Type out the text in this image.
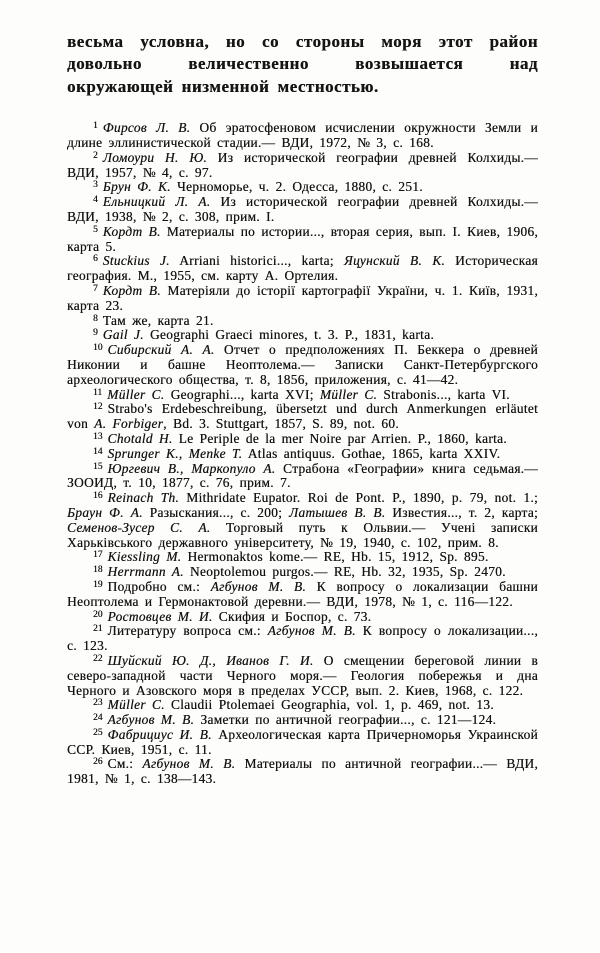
весьма условна, но со стороны моря этот район довольно величественно возвышается над окружающей низменной местностью.

$^1$ Фирсов Л. В. Об эратосфеновом исчислении окружности Земли и длине эллинистической стадии.— ВДИ, 1972, № 3, с. 168.

$^2$ Ломоури Н. Ю. Из исторической географии древней Колхиды.— ВДИ, 1957, № 4, с. 97.

$^3$ Брун Ф. К. Черноморье, ч. 2. Одесса, 1880, с. 251.

$^4$ Ельницкий Л. А. Из исторической географии древней Колхиды.— ВДИ, 1938, № 2, с. 308, прим. I.

$^5$ Кордт В. Материалы по истории..., вторая серия, вып. I. Киев, 1906, карта 5.

$^6$ Stuckius J. Arriani historici..., karta; Яцунский В. К. Историческая география. М., 1955, см. карту А. Ортелия.

$^7$ Кордт В. Матеріяли до історії картографії України, ч. 1. Київ, 1931, карта 23.

$^8$ Там же, карта 21.

$^9$ Gail J. Geographi Graeci minores, t. 3. P., 1831, karta.

$^{10}$ Сибирский А. А. Отчет о предположениях П. Беккера о древней Никонии и башне Неоптолема.— Записки Санкт-Петербургского археологического общества, т. 8, 1856, приложения, с. 41—42.

$^{11}$ Müller C. Geographi..., karta XVI; Müller C. Strabonis..., karta VI.

$^{12}$ Strabo's Erdebeschreibung, übersetzt und durch Anmerkungen erläutet von A. Forbiger, Bd. 3. Stuttgart, 1857, S. 89, not. 60.

$^{13}$ Chotald H. Le Periple de la mer Noire par Arrien. P., 1860, karta.

$^{14}$ Sprunger K., Menke T. Atlas antiquus. Gothae, 1865, karta XXIV.

$^{15}$ Юргевич В., Маркопуло А. Страбона «Географии» книга седьмая.— ЗООИД, т. 10, 1877, с. 76, прим. 7.

$^{16}$ Reinach Th. Mithridate Eupator. Roi de Pont. P., 1890, p. 79, not. 1.; Браун Ф. А. Разыскания..., с. 200; Латышев В. В. Известия..., т. 2, карта; Семенов-Зусер С. А. Торговый путь к Ольвии.— Учені записки Харьківського державного університету, № 19, 1940, с. 102, прим. 8.

$^{17}$ Kiessling M. Hermonaktos kome.— RE, Hb. 15, 1912, Sp. 895.

$^{18}$ Herrmann A. Neoptolemou purgos.— RE, Hb. 32, 1935, Sp. 2470.

$^{19}$ Подробно см.: Агбунов М. В. К вопросу о локализации башни Неоптолема и Гермонактовой деревни.— ВДИ, 1978, № 1, с. 116—122.

$^{20}$ Ростовцев М. И. Скифия и Боспор, с. 73.

$^{21}$ Литературу вопроса см.: Агбунов М. В. К вопросу о локализации..., с. 123.

$^{22}$ Шуйский Ю. Д., Иванов Г. И. О смещении береговой линии в северо-западной части Черного моря.— Геология побережья и дна Черного и Азовского моря в пределах УССР, вып. 2. Киев, 1968, с. 122.

$^{23}$ Müller C. Claudii Ptolemaei Geographia, vol. 1, p. 469, not. 13.

$^{24}$ Агбунов М. В. Заметки по античной географии..., с. 121—124.

$^{25}$ Фабрициус И. В. Археологическая карта Причерноморья Украинской ССР. Киев, 1951, с. 11.

$^{26}$ См.: Агбунов М. В. Материалы по античной географии...— ВДИ, 1981, № 1, с. 138—143.
